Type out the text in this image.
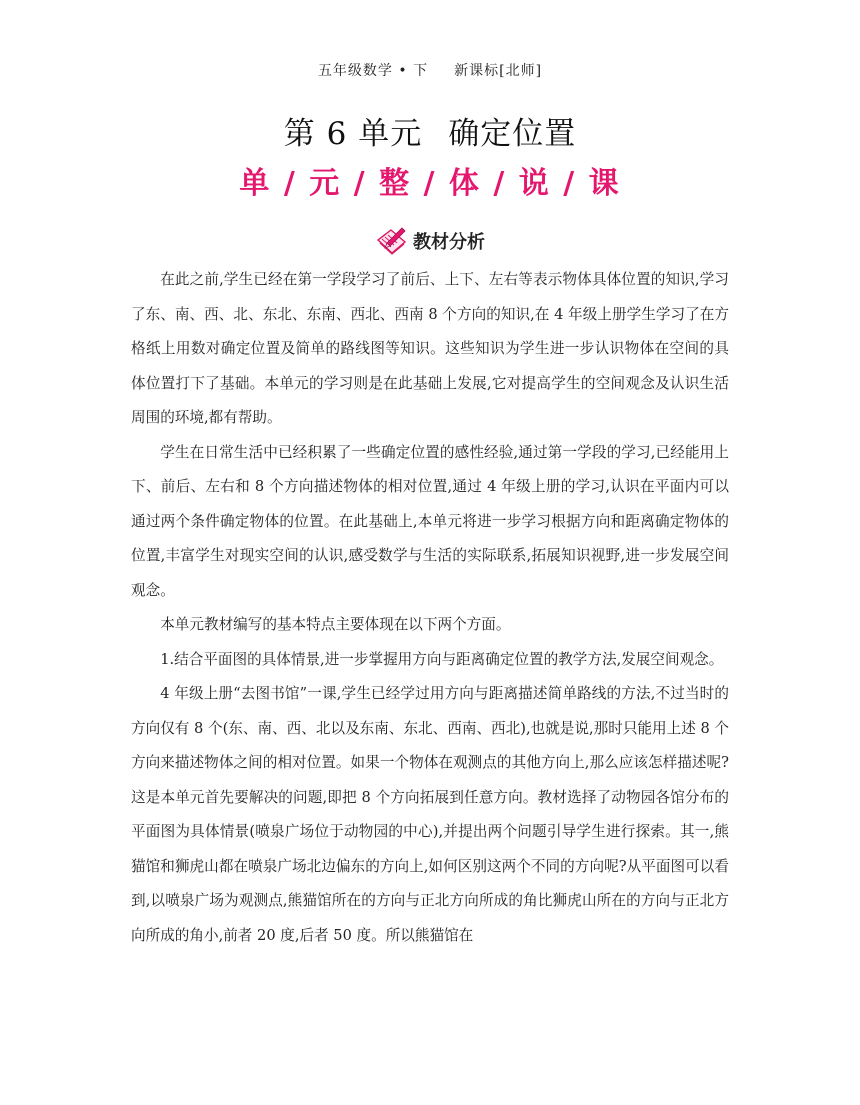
五年级数学 • 下 新课标[北师]
第 6 单元 确定位置
单 / 元 / 整 / 体 / 说 / 课
教材分析

在此之前,学生已经在第一学段学习了前后、上下、左右等表示物体具体位置的知识,学习了东、南、西、北、东北、东南、西北、西南 8 个方向的知识,在 4 年级上册学生学习了在方格纸上用数对确定位置及简单的路线图等知识。这些知识为学生进一步认识物体在空间的具体位置打下了基础。本单元的学习则是在此基础上发展,它对提高学生的空间观念及认识生活周围的环境,都有帮助。

学生在日常生活中已经积累了一些确定位置的感性经验,通过第一学段的学习,已经能用上下、前后、左右和 8 个方向描述物体的相对位置,通过 4 年级上册的学习,认识在平面内可以通过两个条件确定物体的位置。在此基础上,本单元将进一步学习根据方向和距离确定物体的位置,丰富学生对现实空间的认识,感受数学与生活的实际联系,拓展知识视野,进一步发展空间观念。

本单元教材编写的基本特点主要体现在以下两个方面。

1.结合平面图的具体情景,进一步掌握用方向与距离确定位置的教学方法,发展空间观念。

4 年级上册“去图书馆”一课,学生已经学过用方向与距离描述简单路线的方法,不过当时的方向仅有 8 个(东、南、西、北以及东南、东北、西南、西北),也就是说,那时只能用上述 8 个方向来描述物体之间的相对位置。如果一个物体在观测点的其他方向上,那么应该怎样描述呢?这是本单元首先要解决的问题,即把 8 个方向拓展到任意方向。教材选择了动物园各馆分布的平面图为具体情景(喷泉广场位于动物园的中心),并提出两个问题引导学生进行探索。其一,熊猫馆和狮虎山都在喷泉广场北边偏东的方向上,如何区别这两个不同的方向呢?从平面图可以看到,以喷泉广场为观测点,熊猫馆所在的方向与正北方向所成的角比狮虎山所在的方向与正北方向所成的角小,前者 20 度,后者 50 度。所以熊猫馆在
